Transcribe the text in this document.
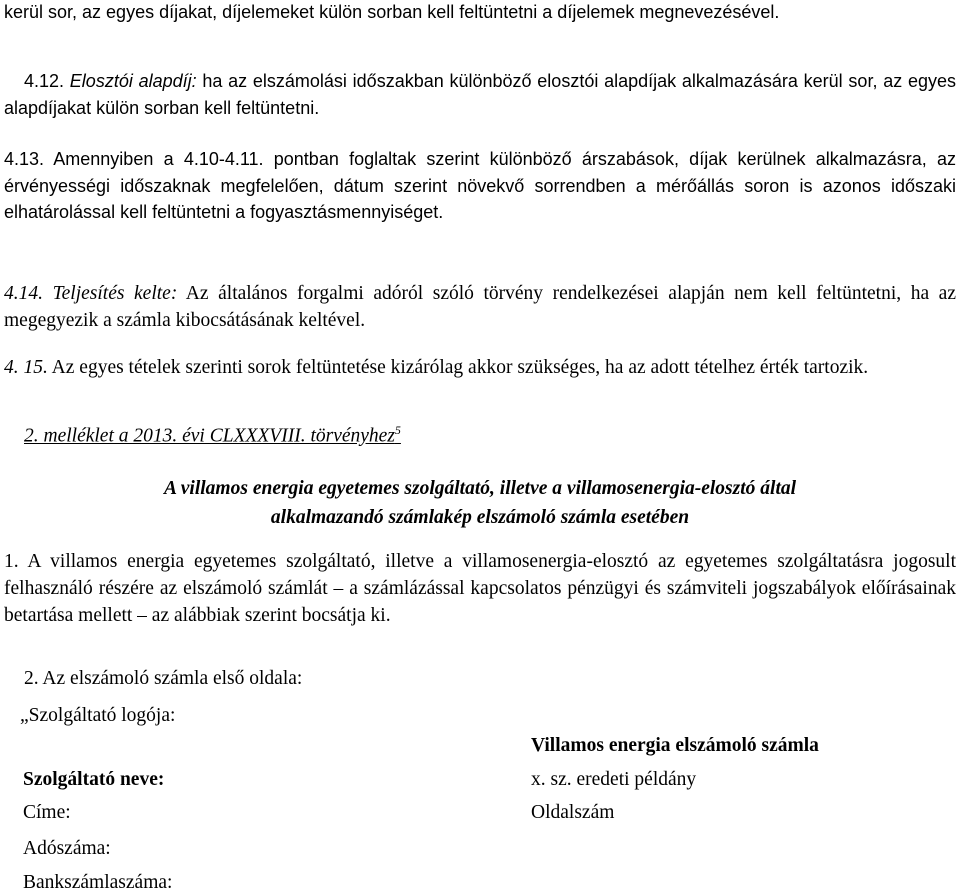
kerül sor, az egyes díjakat, díjelemeket külön sorban kell feltüntetni a díjelemek megnevezésével.

4.12. Elosztói alapdíj: ha az elszámolási időszakban különböző elosztói alapdíjak alkalmazására kerül sor, az egyes alapdíjakat külön sorban kell feltüntetni.

4.13. Amennyiben a 4.10-4.11. pontban foglaltak szerint különböző árszabások, díjak kerülnek alkalmazásra, az érvényességi időszaknak megfelelően, dátum szerint növekvő sorrendben a mérőállás soron is azonos időszaki elhatárolással kell feltüntetni a fogyasztásmennyiséget.

4.14. Teljesítés kelte: Az általános forgalmi adóról szóló törvény rendelkezései alapján nem kell feltüntetni, ha az megegyezik a számla kibocsátásának keltével.

4. 15. Az egyes tételek szerinti sorok feltüntetése kizárólag akkor szükséges, ha az adott tételhez érték tartozik.

2. melléklet a 2013. évi CLXXXVIII. törvényhez$^5$

A villamos energia egyetemes szolgáltató, illetve a villamosenergia-elosztó által

alkalmazandó számlakép elszámoló számla esetében

1. A villamos energia egyetemes szolgáltató, illetve a villamosenergia-elosztó az egyetemes szolgáltatásra jogosult felhasználó részére az elszámoló számlát – a számlázással kapcsolatos pénzügyi és számviteli jogszabályok előírásainak betartása mellett – az alábbiak szerint bocsátja ki.

2. Az elszámoló számla első oldala:

„Szolgáltató logója:
Villamos energia elszámoló számla
Szolgáltató neve:	x. sz. eredeti példány
Címe:	Oldalszám
Adószáma:
Bankszámlaszáma:
